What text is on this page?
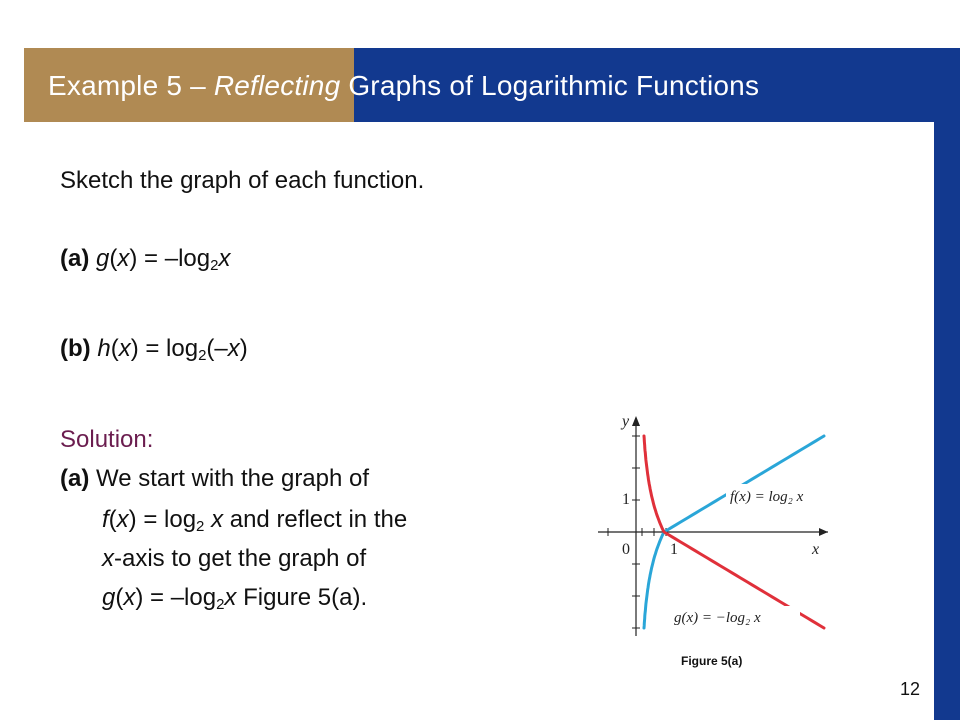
Example 5 – Reflecting Graphs of Logarithmic Functions
Sketch the graph of each function.
(a) $g(x) = -\log_2x$
(b) $h(x) = \log_2(-x)$
Solution:
(a) We start with the graph of
$f(x) = \log_2 x$ and reflect in the
x-axis to get the graph of
$g(x) = -\log_2x$ Figure 5(a).
y
x
0	1
1	f(x) = log₂ x
g(x) = −log₂ x
Figure 5(a)
12
